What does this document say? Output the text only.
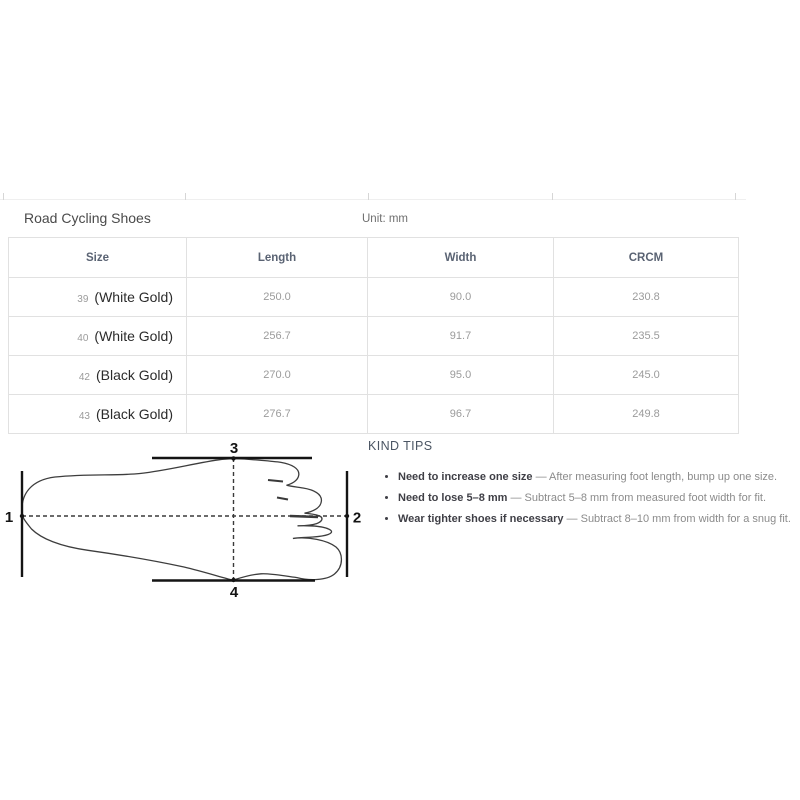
Road Cycling Shoes	Unit: mm
Size	Length	Width	CRCM
39 (White Gold)	250.0	90.0	230.8
40 (White Gold)	256.7	91.7	235.5
42 (Black Gold)	270.0	95.0	245.0
43 (Black Gold)	276.7	96.7	249.8
1	2
3
4
KIND TIPS
• Need to increase one size — After measuring foot length, bump up one size.
• Need to lose 5–8 mm — Subtract 5–8 mm from measured foot width for fit.
• Wear tighter shoes if necessary — Subtract 8–10 mm from width for a snug fit.
